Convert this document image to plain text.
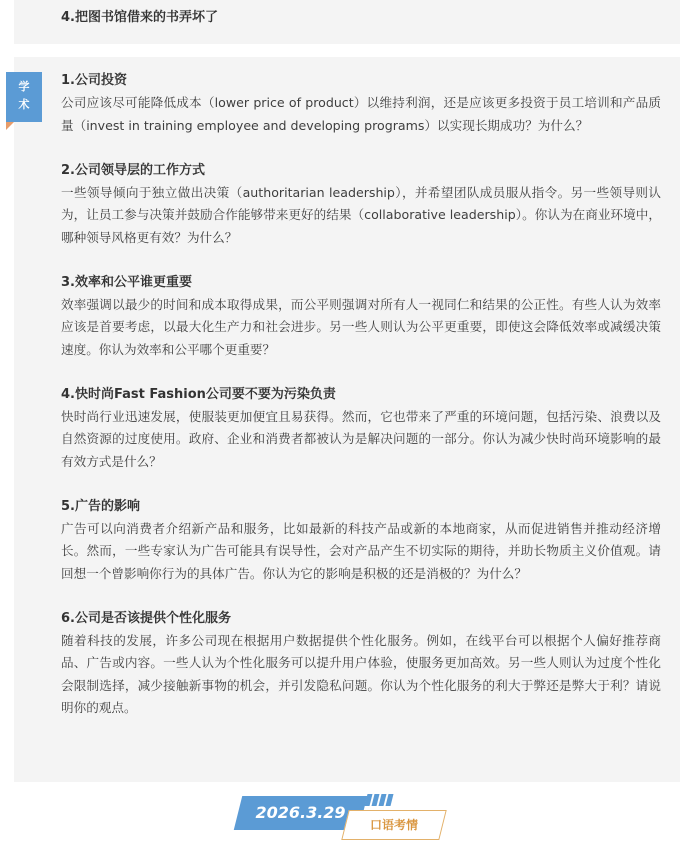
4.把图书馆借来的书弄坏了
学
术
1.公司投资

公司应该尽可能降低成本（lower price of product）以维持利润，还是应该更多投资于员工培训和产品质量（invest in training employee and developing programs）以实现长期成功？为什么？

2.公司领导层的工作方式

一些领导倾向于独立做出决策（authoritarian leadership），并希望团队成员服从指令。另一些领导则认为，让员工参与决策并鼓励合作能够带来更好的结果（collaborative leadership）。你认为在商业环境中，哪种领导风格更有效？为什么？

3.效率和公平谁更重要

效率强调以最少的时间和成本取得成果，而公平则强调对所有人一视同仁和结果的公正性。有些人认为效率应该是首要考虑，以最大化生产力和社会进步。另一些人则认为公平更重要，即使这会降低效率或减缓决策速度。你认为效率和公平哪个更重要？

4.快时尚Fast Fashion公司要不要为污染负责

快时尚行业迅速发展，使服装更加便宜且易获得。然而，它也带来了严重的环境问题，包括污染、浪费以及自然资源的过度使用。政府、企业和消费者都被认为是解决问题的一部分。你认为减少快时尚环境影响的最有效方式是什么？

5.广告的影响

广告可以向消费者介绍新产品和服务，比如最新的科技产品或新的本地商家，从而促进销售并推动经济增长。然而，一些专家认为广告可能具有误导性，会对产品产生不切实际的期待，并助长物质主义价值观。请回想一个曾影响你行为的具体广告。你认为它的影响是积极的还是消极的？为什么？

6.公司是否该提供个性化服务

随着科技的发展，许多公司现在根据用户数据提供个性化服务。例如，在线平台可以根据个人偏好推荐商品、广告或内容。一些人认为个性化服务可以提升用户体验，使服务更加高效。另一些人则认为过度个性化会限制选择，减少接触新事物的机会，并引发隐私问题。你认为个性化服务的利大于弊还是弊大于利？请说明你的观点。

2026.3.29
口语考情
